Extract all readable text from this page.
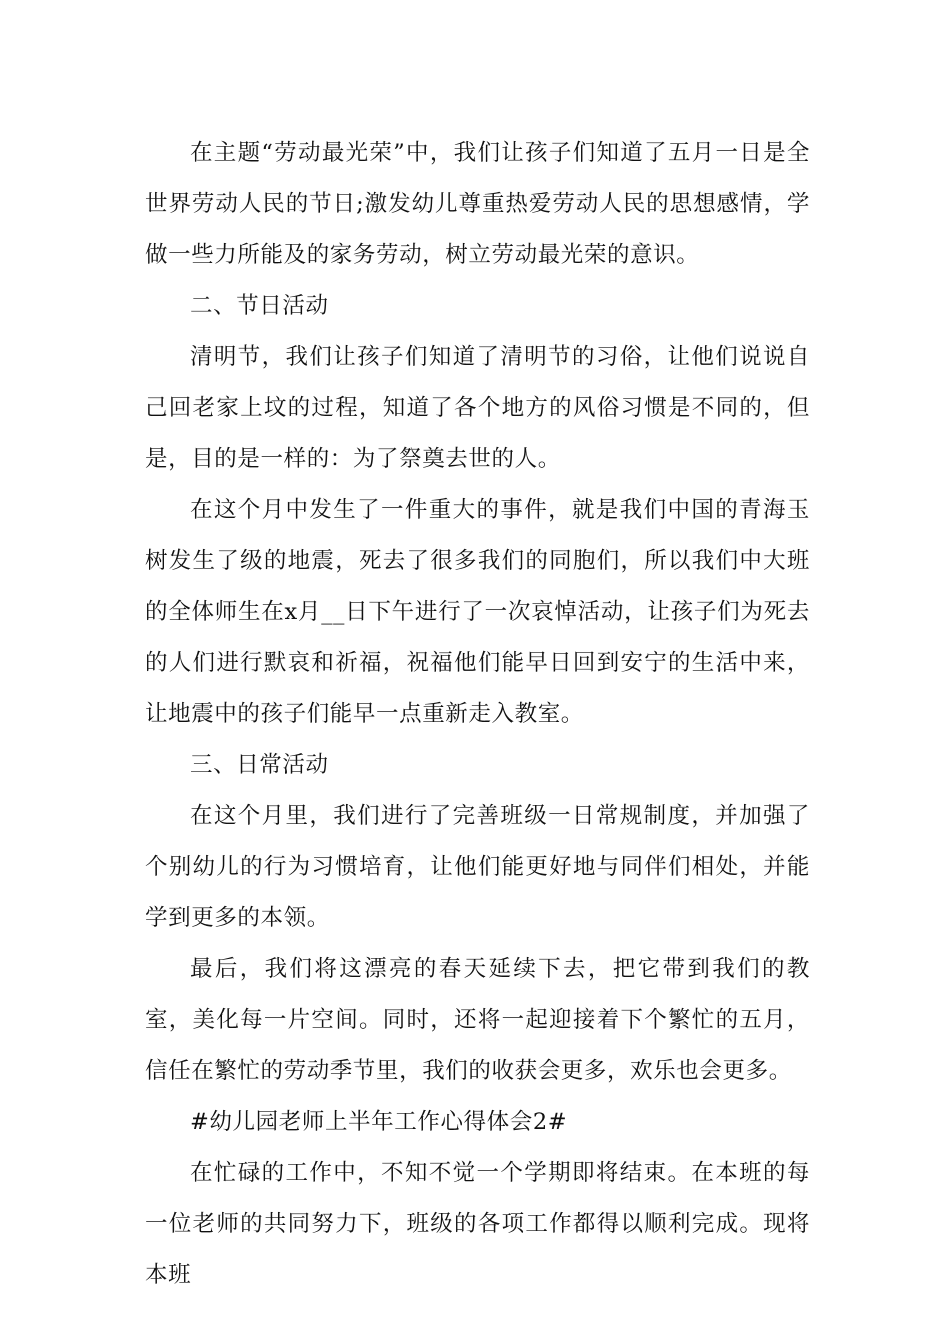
在主题“劳动最光荣”中，我们让孩子们知道了五月一日是全世界劳动人民的节日;激发幼儿尊重热爱劳动人民的思想感情，学做一些力所能及的家务劳动，树立劳动最光荣的意识。

二、节日活动

清明节，我们让孩子们知道了清明节的习俗，让他们说说自己回老家上坟的过程，知道了各个地方的风俗习惯是不同的，但是，目的是一样的：为了祭奠去世的人。

在这个月中发生了一件重大的事件，就是我们中国的青海玉树发生了级的地震，死去了很多我们的同胞们，所以我们中大班的全体师生在x月__日下午进行了一次哀悼活动，让孩子们为死去的人们进行默哀和祈福，祝福他们能早日回到安宁的生活中来，让地震中的孩子们能早一点重新走入教室。

三、日常活动

在这个月里，我们进行了完善班级一日常规制度，并加强了个别幼儿的行为习惯培育，让他们能更好地与同伴们相处，并能学到更多的本领。

最后，我们将这漂亮的春天延续下去，把它带到我们的教室，美化每一片空间。同时，还将一起迎接着下个繁忙的五月，信任在繁忙的劳动季节里，我们的收获会更多，欢乐也会更多。

#幼儿园老师上半年工作心得体会2#

在忙碌的工作中，不知不觉一个学期即将结束。在本班的每一位老师的共同努力下，班级的各项工作都得以顺利完成。现将本班
